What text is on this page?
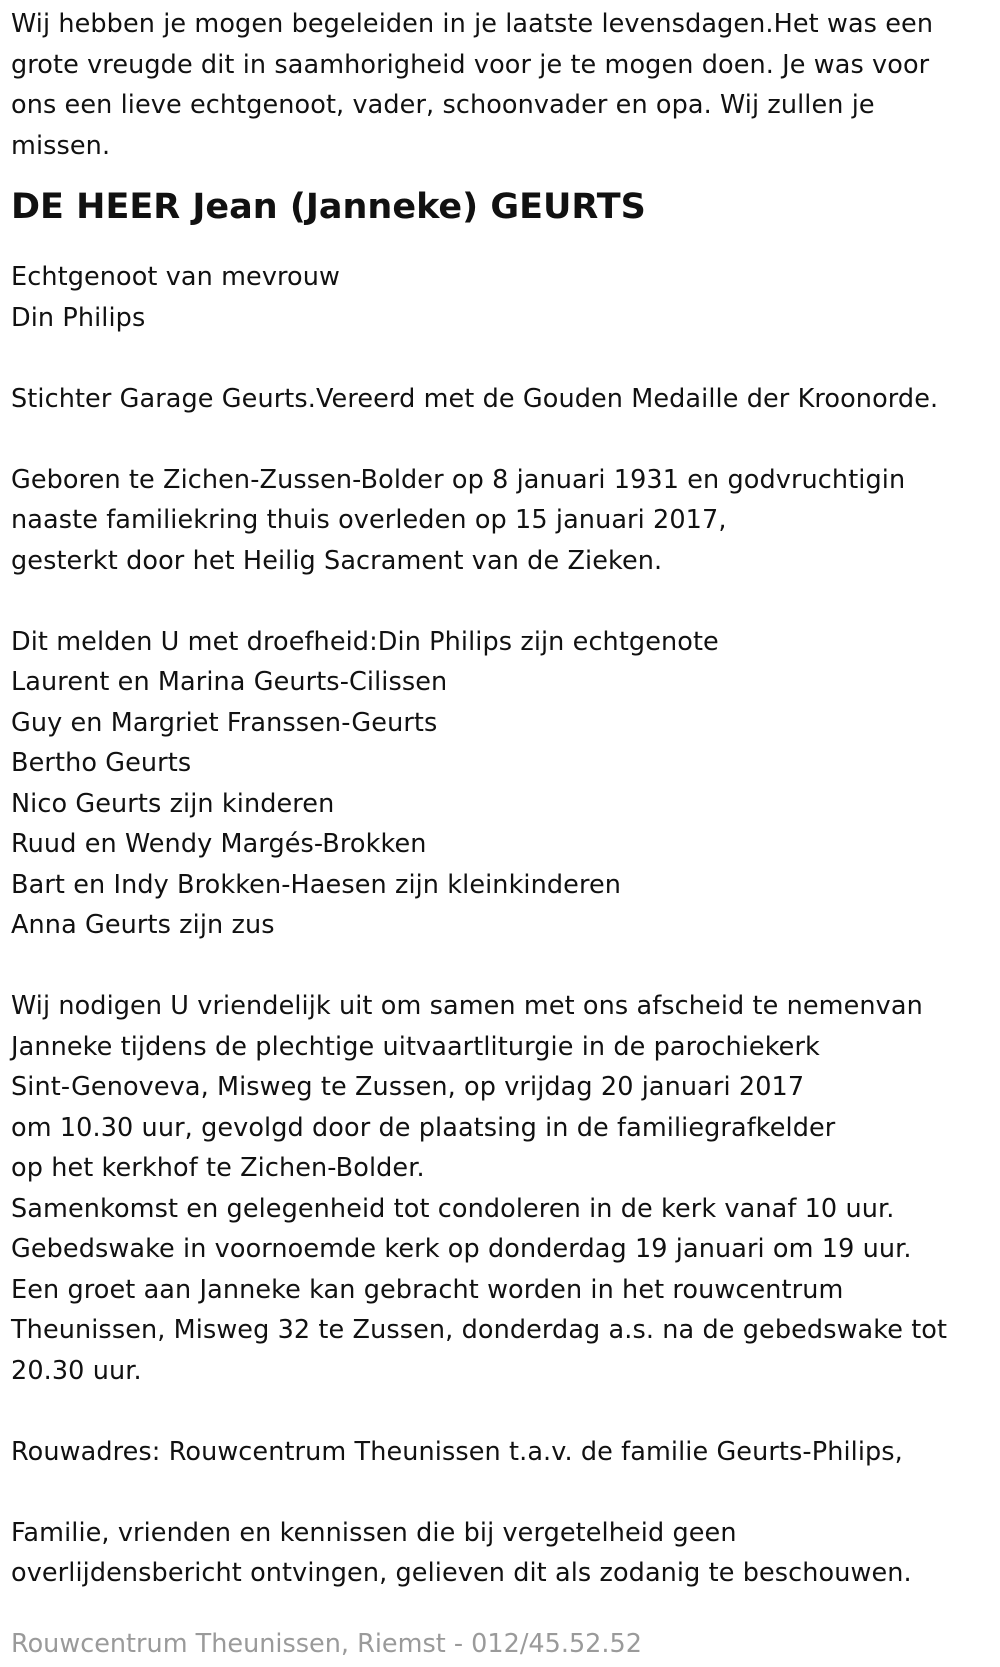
Wij hebben je mogen begeleiden in je laatste levensdagen.Het was een
grote vreugde dit in saamhorigheid voor je te mogen doen. Je was voor
ons een lieve echtgenoot, vader, schoonvader en opa. Wij zullen je
missen.
DE HEER Jean (Janneke) GEURTS
Echtgenoot van mevrouw
Din Philips
Stichter Garage Geurts.Vereerd met de Gouden Medaille der Kroonorde.
Geboren te Zichen-Zussen-Bolder op 8 januari 1931 en godvruchtigin
naaste familiekring thuis overleden op 15 januari 2017,
gesterkt door het Heilig Sacrament van de Zieken.
Dit melden U met droefheid:Din Philips zijn echtgenote
Laurent en Marina Geurts-Cilissen
Guy en Margriet Franssen-Geurts
Bertho Geurts
Nico Geurts zijn kinderen
Ruud en Wendy Margés-Brokken
Bart en Indy Brokken-Haesen zijn kleinkinderen
Anna Geurts zijn zus
Wij nodigen U vriendelijk uit om samen met ons afscheid te nemenvan
Janneke tijdens de plechtige uitvaartliturgie in de parochiekerk
Sint-Genoveva, Misweg te Zussen, op vrijdag 20 januari 2017
om 10.30 uur, gevolgd door de plaatsing in de familiegrafkelder
op het kerkhof te Zichen-Bolder.
Samenkomst en gelegenheid tot condoleren in de kerk vanaf 10 uur.
Gebedswake in voornoemde kerk op donderdag 19 januari om 19 uur.
Een groet aan Janneke kan gebracht worden in het rouwcentrum
Theunissen, Misweg 32 te Zussen, donderdag a.s. na de gebedswake tot
20.30 uur.
Rouwadres: Rouwcentrum Theunissen t.a.v. de familie Geurts-Philips,
Familie, vrienden en kennissen die bij vergetelheid geen
overlijdensbericht ontvingen, gelieven dit als zodanig te beschouwen.
Rouwcentrum Theunissen, Riemst - 012/45.52.52
